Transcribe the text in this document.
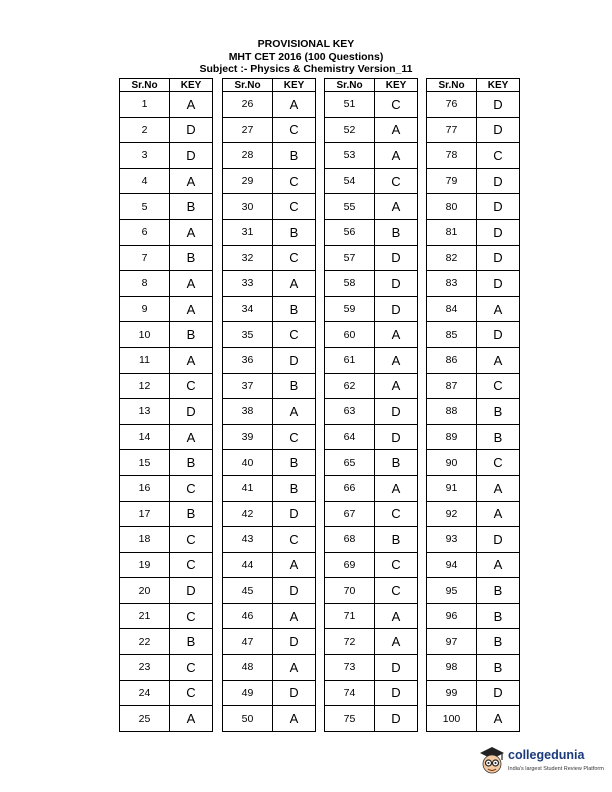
PROVISIONAL KEY
MHT CET 2016 (100 Questions)
Subject :- Physics & Chemistry Version_11
Sr.No	KEY
1	A
2	D
3	D
4	A
5	B
6	A
7	B
8	A
9	A
10	B
11	A
12	C
13	D
14	A
15	B
16	C
17	B
18	C
19	C
20	D
21	C
22	B
23	C
24	C
25	A
Sr.No	KEY
26	A
27	C
28	B
29	C
30	C
31	B
32	C
33	A
34	B
35	C
36	D
37	B
38	A
39	C
40	B
41	B
42	D
43	C
44	A
45	D
46	A
47	D
48	A
49	D
50	A
Sr.No	KEY
51	C
52	A
53	A
54	C
55	A
56	B
57	D
58	D
59	D
60	A
61	A
62	A
63	D
64	D
65	B
66	A
67	C
68	B
69	C
70	C
71	A
72	A
73	D
74	D
75	D
Sr.No	KEY
76	D
77	D
78	C
79	D
80	D
81	D
82	D
83	D
84	A
85	D
86	A
87	C
88	B
89	B
90	C
91	A
92	A
93	D
94	A
95	B
96	B
97	B
98	B
99	D
100	A
collegedunia
India's largest Student Review Platform
